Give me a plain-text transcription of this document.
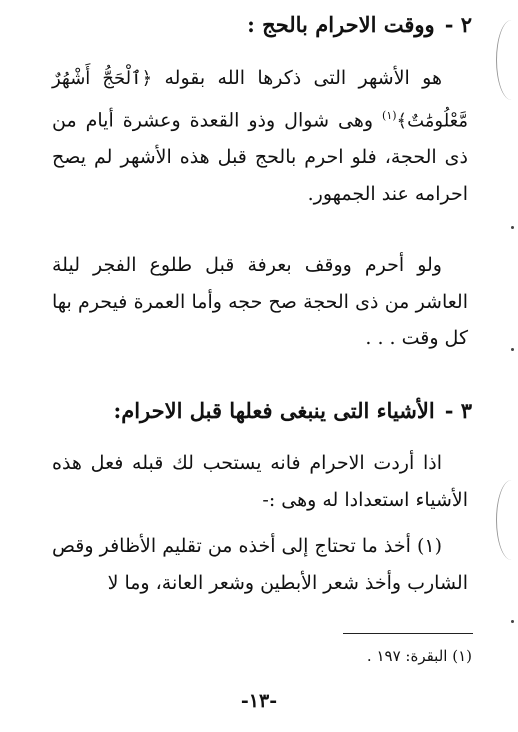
٢ -ووقت الاحرام بالحج :

هو الأشهر التى ذكرها الله بقوله ﴿ٱلْحَجُّ أَشْهُرٌ مَّعْلُومَٰتٌ﴾$^{(١)}$ وهى شوال وذو القعدة وعشرة أيام من ذى الحجة، فلو احرم بالحج قبل هذه الأشهر لم يصح احرامه عند الجمهور.

ولو أحرم ووقف بعرفة قبل طلوع الفجر ليلة العاشر من ذى الحجة صح حجه وأما العمرة فيحرم بها كل وقت . . .

٣ -الأشياء التى ينبغى فعلها قبل الاحرام:

اذا أردت الاحرام فانه يستحب لك قبله فعل هذه الأشياء استعدادا له وهى :-

(١) أخذ ما تحتاج إلى أخذه من تقليم الأظافر وقص الشارب وأخذ شعر الأبطين وشعر العانة، وما لا

(١) البقرة: ١٩٧ .
-١٣-
